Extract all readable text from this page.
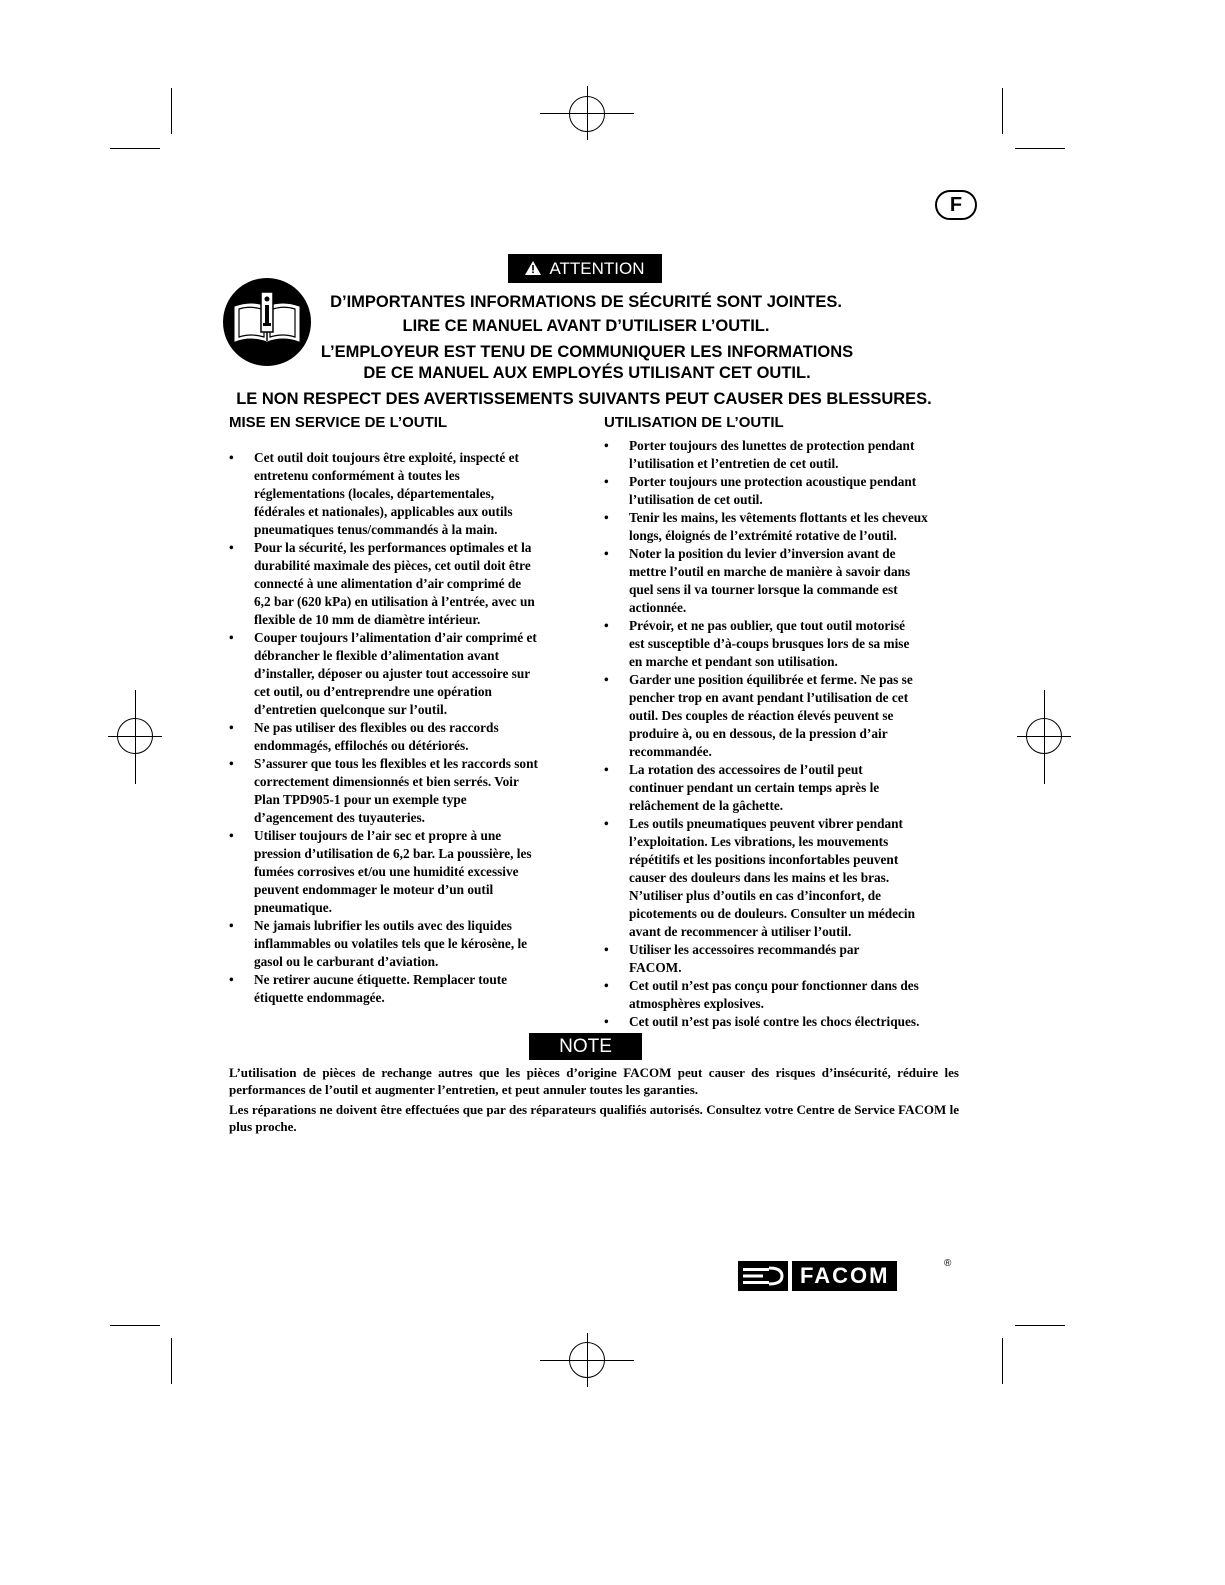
F
ATTENTION
D’IMPORTANTES INFORMATIONS DE SÉCURITÉ SONT JOINTES.
LIRE CE MANUEL AVANT D’UTILISER L’OUTIL.
L’EMPLOYEUR EST TENU DE COMMUNIQUER LES INFORMATIONS
DE CE MANUEL AUX EMPLOYÉS UTILISANT CET OUTIL.
LE NON RESPECT DES AVERTISSEMENTS SUIVANTS PEUT CAUSER DES BLESSURES.
MISE EN SERVICE DE L’OUTIL	UTILISATION DE L’OUTIL
•	Cet outil doit toujours être exploité, inspecté et
entretenu conformément à toutes les
réglementations (locales, départementales,
fédérales et nationales), applicables aux outils
pneumatiques tenus/commandés à la main.
•	Pour la sécurité, les performances optimales et la
durabilité maximale des pièces, cet outil doit être
connecté à une alimentation d’air comprimé de
6,2 bar (620 kPa) en utilisation à l’entrée, avec un
flexible de 10 mm de diamètre intérieur.
•	Couper toujours l’alimentation d’air comprimé et
débrancher le flexible d’alimentation avant
d’installer, déposer ou ajuster tout accessoire sur
cet outil, ou d’entreprendre une opération
d’entretien quelconque sur l’outil.
•	Ne pas utiliser des flexibles ou des raccords
endommagés, effilochés ou détériorés.
•	S’assurer que tous les flexibles et les raccords sont
correctement dimensionnés et bien serrés. Voir
Plan TPD905-1 pour un exemple type
d’agencement des tuyauteries.
•	Utiliser toujours de l’air sec et propre à une
pression d’utilisation de 6,2 bar. La poussière, les
fumées corrosives et/ou une humidité excessive
peuvent endommager le moteur d’un outil
pneumatique.
•	Ne jamais lubrifier les outils avec des liquides
inflammables ou volatiles tels que le kérosène, le
gasol ou le carburant d’aviation.
•	Ne retirer aucune étiquette. Remplacer toute
étiquette endommagée.
•	Porter toujours des lunettes de protection pendant
l’utilisation et l’entretien de cet outil.
•	Porter toujours une protection acoustique pendant
l’utilisation de cet outil.
•	Tenir les mains, les vêtements flottants et les cheveux
longs, éloignés de l’extrémité rotative de l’outil.
•	Noter la position du levier d’inversion avant de
mettre l’outil en marche de manière à savoir dans
quel sens il va tourner lorsque la commande est
actionnée.
•	Prévoir, et ne pas oublier, que tout outil motorisé
est susceptible d’à-coups brusques lors de sa mise
en marche et pendant son utilisation.
•	Garder une position équilibrée et ferme. Ne pas se
pencher trop en avant pendant l’utilisation de cet
outil. Des couples de réaction élevés peuvent se
produire à, ou en dessous, de la pression d’air
recommandée.
•	La rotation des accessoires de l’outil peut
continuer pendant un certain temps après le
relâchement de la gâchette.
•	Les outils pneumatiques peuvent vibrer pendant
l’exploitation. Les vibrations, les mouvements
répétitifs et les positions inconfortables peuvent
causer des douleurs dans les mains et les bras.
N’utiliser plus d’outils en cas d’inconfort, de
picotements ou de douleurs. Consulter un médecin
avant de recommencer à utiliser l’outil.
•	Utiliser les accessoires recommandés par
FACOM.
•	Cet outil n’est pas conçu pour fonctionner dans des
atmosphères explosives.
•	Cet outil n’est pas isolé contre les chocs électriques.
NOTE
L’utilisation de pièces de rechange autres que les pièces d’origine FACOM peut causer des risques d’insécurité, réduire les performances de l’outil et augmenter l’entretien, et peut annuler toutes les garanties.
Les réparations ne doivent être effectuées que par des réparateurs qualifiés autorisés. Consultez votre Centre de Service FACOM le plus proche.
FACOM	®
